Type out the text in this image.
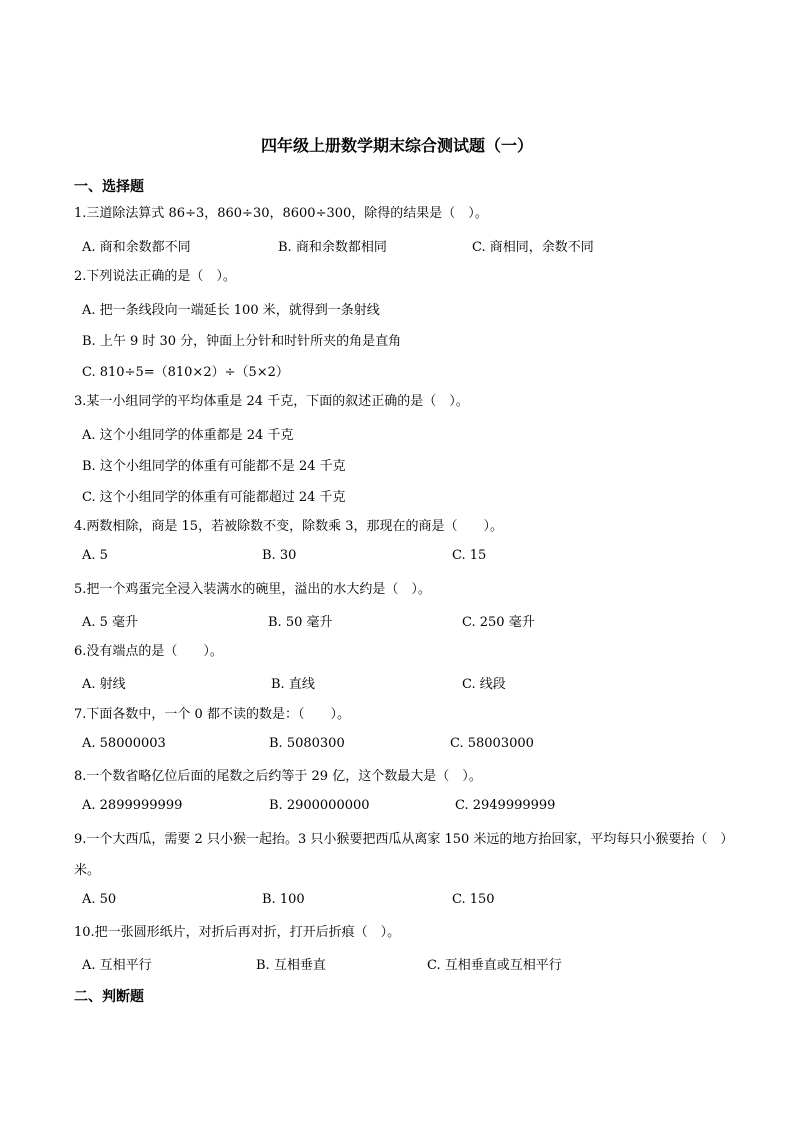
四年级上册数学期末综合测试题（一）
一、选择题
1.三道除法算式 86÷3，860÷30，8600÷300，除得的结果是（　）。
A. 商和余数都不同	B. 商和余数都相同	C. 商相同，余数不同
2.下列说法正确的是（　）。
A. 把一条线段向一端延长 100 米，就得到一条射线
B. 上午 9 时 30 分，钟面上分针和时针所夹的角是直角
C. 810÷5=（810×2）÷（5×2）
3.某一小组同学的平均体重是 24 千克，下面的叙述正确的是（　）。
A. 这个小组同学的体重都是 24 千克
B. 这个小组同学的体重有可能都不是 24 千克
C. 这个小组同学的体重有可能都超过 24 千克
4.两数相除，商是 15，若被除数不变，除数乘 3，那现在的商是（　　）。
A. 5	B. 30	C. 15
5.把一个鸡蛋完全浸入装满水的碗里，溢出的水大约是（　）。
A. 5 毫升	B. 50 毫升	C. 250 毫升
6.没有端点的是（　　）。
A. 射线	B. 直线	C. 线段
7.下面各数中，一个 0 都不读的数是：（　　）。
A. 58000003	B. 5080300	C. 58003000
8.一个数省略亿位后面的尾数之后约等于 29 亿，这个数最大是（　）。
A. 2899999999	B. 2900000000	C. 2949999999
9.一个大西瓜，需要 2 只小猴一起抬。3 只小猴要把西瓜从离家 150 米远的地方抬回家，平均每只小猴要抬（　）米。
A. 50	B. 100	C. 150
10.把一张圆形纸片，对折后再对折，打开后折痕（　）。
A. 互相平行	B. 互相垂直	C. 互相垂直或互相平行
二、判断题
